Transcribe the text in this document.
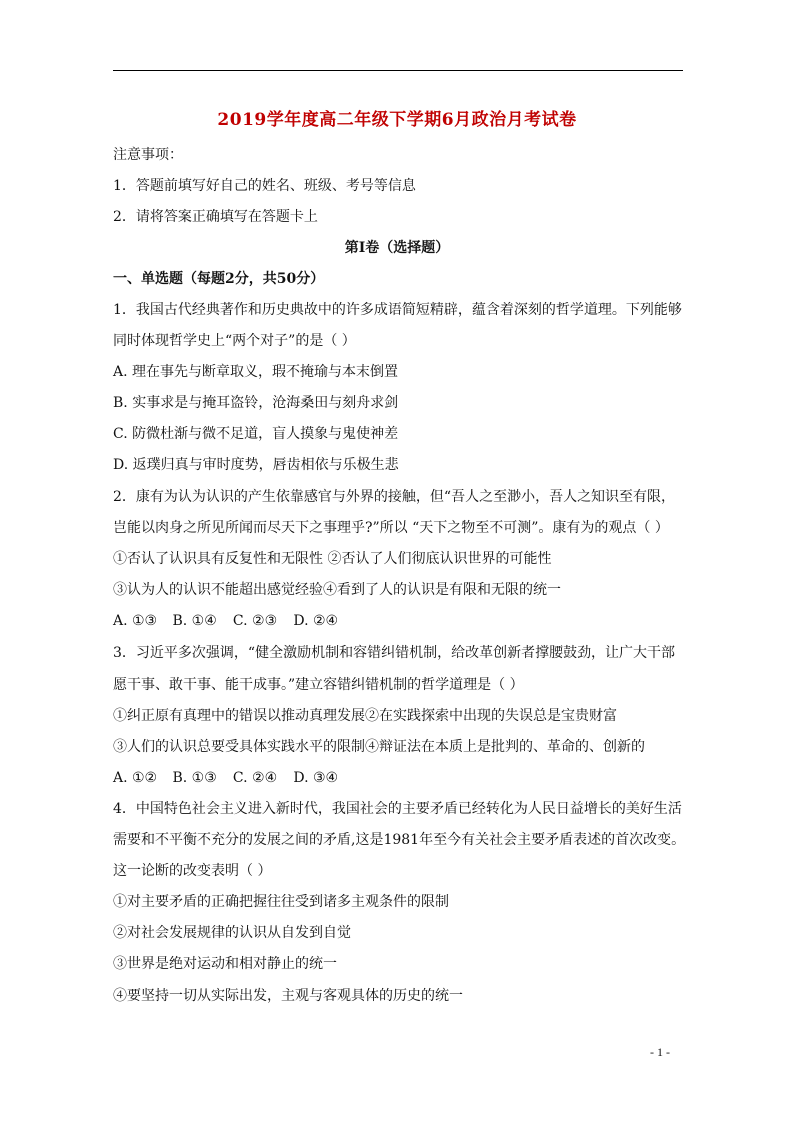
2019学年度高二年级下学期6月政治月考试卷
注意事项：
1．答题前填写好自己的姓名、班级、考号等信息
2．请将答案正确填写在答题卡上
第I卷（选择题）
一、单选题（每题2分，共50分）
1．我国古代经典著作和历史典故中的许多成语简短精辟，蕴含着深刻的哲学道理。下列能够
同时体现哲学史上“两个对子”的是（ ）
A. 理在事先与断章取义，瑕不掩瑜与本末倒置
B. 实事求是与掩耳盗铃，沧海桑田与刻舟求剑
C. 防微杜渐与微不足道，盲人摸象与鬼使神差
D. 返璞归真与审时度势，唇齿相依与乐极生悲
2．康有为认为认识的产生依靠感官与外界的接触，但“吾人之至渺小，吾人之知识至有限，
岂能以肉身之所见所闻而尽天下之事理乎?”所以 “天下之物至不可测”。康有为的观点（ ）
①否认了认识具有反复性和无限性 ②否认了人们彻底认识世界的可能性
③认为人的认识不能超出感觉经验④看到了人的认识是有限和无限的统一
A. ①③ B. ①④ C. ②③ D. ②④
3．习近平多次强调，“健全激励机制和容错纠错机制，给改革创新者撑腰鼓劲，让广大干部
愿干事、敢干事、能干成事。”建立容错纠错机制的哲学道理是（ ）
①纠正原有真理中的错误以推动真理发展②在实践探索中出现的失误总是宝贵财富
③人们的认识总要受具体实践水平的限制④辩证法在本质上是批判的、革命的、创新的
A. ①② B. ①③ C. ②④ D. ③④
4．中国特色社会主义进入新时代，我国社会的主要矛盾已经转化为人民日益增长的美好生活
需要和不平衡不充分的发展之间的矛盾,这是1981年至今有关社会主要矛盾表述的首次改变。
这一论断的改变表明（ ）
①对主要矛盾的正确把握往往受到诸多主观条件的限制
②对社会发展规律的认识从自发到自觉
③世界是绝对运动和相对静止的统一
④要坚持一切从实际出发，主观与客观具体的历史的统一
- 1 -
